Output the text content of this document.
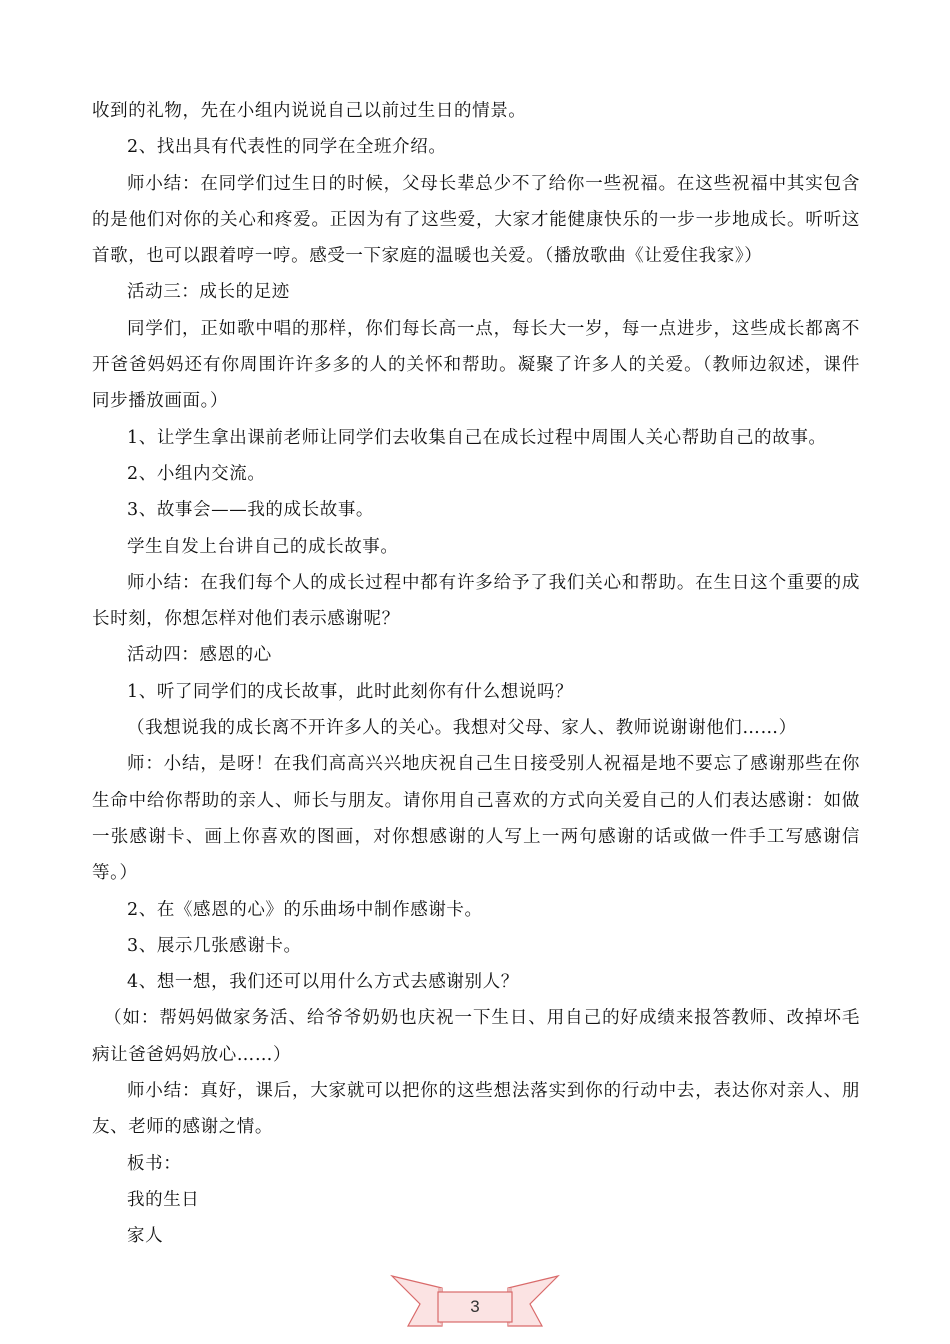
收到的礼物，先在小组内说说自己以前过生日的情景。

2、找出具有代表性的同学在全班介绍。

师小结：在同学们过生日的时候，父母长辈总少不了给你一些祝福。在这些祝福中其实包含的是他们对你的关心和疼爱。正因为有了这些爱，大家才能健康快乐的一步一步地成长。听听这首歌，也可以跟着哼一哼。感受一下家庭的温暖也关爱。（播放歌曲《让爱住我家》）

活动三：成长的足迹

同学们，正如歌中唱的那样，你们每长高一点，每长大一岁，每一点进步，这些成长都离不开爸爸妈妈还有你周围许许多多的人的关怀和帮助。凝聚了许多人的关爱。（教师边叙述，课件同步播放画面。）

1、让学生拿出课前老师让同学们去收集自己在成长过程中周围人关心帮助自己的故事。

2、小组内交流。

3、故事会——我的成长故事。

学生自发上台讲自己的成长故事。

师小结：在我们每个人的成长过程中都有许多给予了我们关心和帮助。在生日这个重要的成长时刻，你想怎样对他们表示感谢呢？

活动四：感恩的心

1、听了同学们的戌长故事，此时此刻你有什么想说吗？

（我想说我的成长离不开许多人的关心。我想对父母、家人、教师说谢谢他们……）

师：小结，是呀！在我们高高兴兴地庆祝自己生日接受别人祝福是地不要忘了感谢那些在你生命中给你帮助的亲人、师长与朋友。请你用自己喜欢的方式向关爱自己的人们表达感谢：如做一张感谢卡、画上你喜欢的图画，对你想感谢的人写上一两句感谢的话或做一件手工写感谢信等。）

2、在《感恩的心》的乐曲场中制作感谢卡。

3、展示几张感谢卡。

4、想一想，我们还可以用什么方式去感谢别人？

（如：帮妈妈做家务活、给爷爷奶奶也庆祝一下生日、用自己的好成绩来报答教师、改掉坏毛病让爸爸妈妈放心……）

师小结：真好，课后，大家就可以把你的这些想法落实到你的行动中去，表达你对亲人、朋友、老师的感谢之情。

板书：

我的生日

家人

3
